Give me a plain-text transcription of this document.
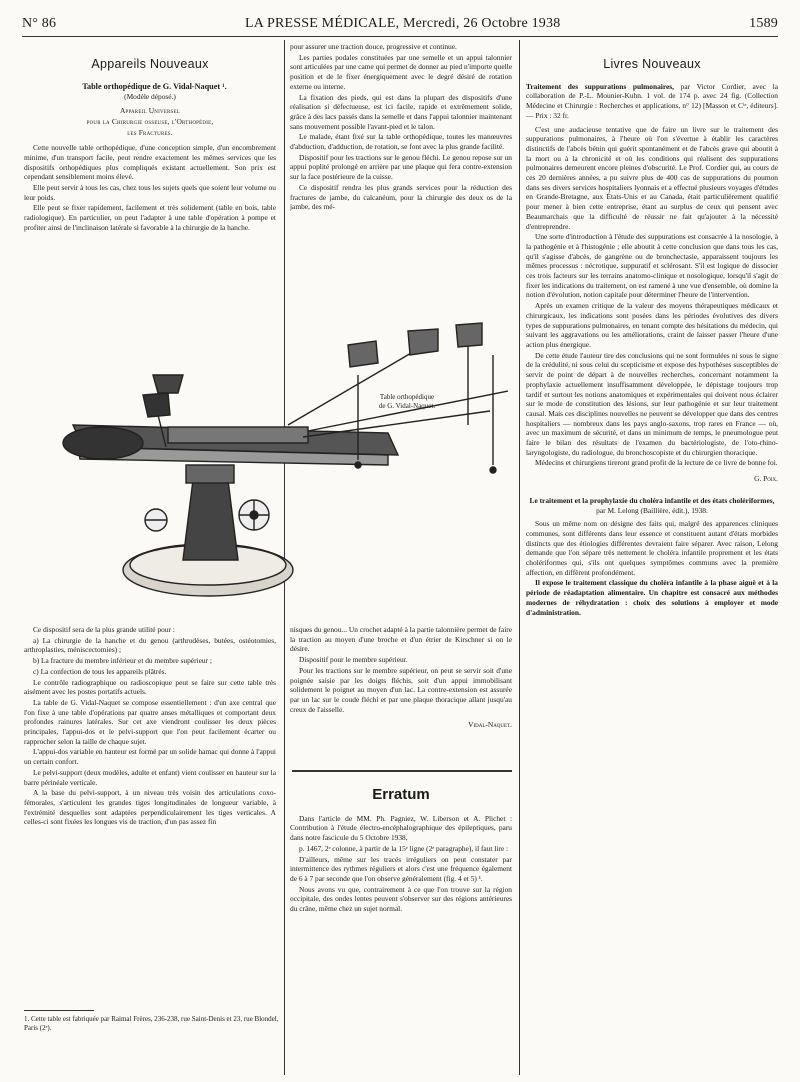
N° 86	LA PRESSE MÉDICALE, Mercredi, 26 Octobre 1938	1589
Appareils Nouveaux

Table orthopédique de G. Vidal-Naquet ¹.

(Modèle déposé.)

Appareil Universel

pour la Chirurgie osseuse, l'Orthopédie,

les Fractures.

Cette nouvelle table orthopédique, d'une conception simple, d'un encombrement minime, d'un transport facile, peut rendre exactement les mêmes services que les dispositifs orthopédiques plus compliqués existant actuellement. Son prix est cependant sensiblement moins élevé.

Elle peut servir à tous les cas, chez tous les sujets quels que soient leur volume ou leur poids.

Elle peut se fixer rapidement, facilement et très solidement (table en bois, table radiologique). En particulier, on peut l'adapter à une table d'opération à pompe et profiter ainsi de l'inclinaison latérale si favorable à la chirurgie de la hanche.

pour assurer une traction douce, progressive et continue.

Les parties podales constituées par une semelle et un appui talonnier sont articulées par une came qui permet de donner au pied n'importe quelle position et de le fixer énergiquement avec le degré désiré de rotation externe ou interne.

La fixation des pieds, qui est dans la plupart des dispositifs d'une réalisation si défectueuse, est ici facile, rapide et extrêmement solide, grâce à des lacs passés dans la semelle et dans l'appui talonnier maintenant sans mouvement possible l'avant-pied et le talon.

Le malade, étant fixé sur la table orthopédique, toutes les manœuvres d'abduction, d'adduction, de rotation, se font avec la plus grande facilité.

Dispositif pour les tractions sur le genou fléchi. Le genou repose sur un appui poplité prolongé en arrière par une plaque qui fera contre-extension sur la face postérieure de la cuisse.

Ce dispositif rendra les plus grands services pour la réduction des fractures de jambe, du calcanéum, pour la chirurgie des deux os de la jambe, des mé-

Table orthopédique
de G. Vidal-Naquet.

Ce dispositif sera de la plus grande utilité pour :

a) La chirurgie de la hanche et du genou (arthrodèses, butées, ostéotomies, arthroplasties, méniscectomies) ;

b) La fracture du membre inférieur et du membre supérieur ;

c) La confection de tous les appareils plâtrés.

Le contrôle radiographique ou radioscopique peut se faire sur cette table très aisément avec les postes portatifs actuels.

La table de G. Vidal-Naquet se compose essentiellement : d'un axe central que l'on fixe à une table d'opérations par quatre anses métalliques et comportant deux profondes rainures latérales. Sur cet axe viendront coulisser les deux pièces principales, l'appui-dos et le pelvi-support que l'on peut facilement écarter ou rapprocher selon la taille de chaque sujet.

L'appui-dos variable en hauteur est formé par un solide hamac qui donne à l'appui un certain confort.

Le pelvi-support (deux modèles, adulte et enfant) vient coulisser en hauteur sur la barre périnéale verticale.

A la base du pelvi-support, à un niveau très voisin des articulations coxo-fémorales, s'articulent les grandes tiges longitudinales de longueur variable, à l'extrémité desquelles sont adaptées perpendiculairement les tiges verticales. A celles-ci sont fixées les longues vis de traction, d'un pas assez fin

1. Cette table est fabriquée par Raimal Frères, 236-238, rue Saint-Denis et 23, rue Blondel, Paris (2ᵉ).

nisques du genou... Un crochet adapté à la partie talonnière permet de faire la traction au moyen d'une broche et d'un étrier de Kirschner si on le désire.

Dispositif pour le membre supérieur.

Pour les tractions sur le membre supérieur, on peut se servir soit d'une poignée saisie par les doigts fléchis, soit d'un appui immobilisant solidement le poignet au moyen d'un lac. La contre-extension est assurée par un lac sur le coude fléchi et par une plaque thoracique allant jusqu'au creux de l'aisselle.

Vidal-Naquet.

Erratum

Dans l'article de MM. Ph. Pagniez, W. Liberson et A. Plichet : Contribution à l'étude électro-encéphalographique des épileptiques, paru dans notre fascicule du 5 Octobre 1938,

p. 1467, 2ᵉ colonne, à partir de la 15ᵉ ligne (2ᵉ paragraphe), il faut lire :

D'ailleurs, même sur les tracés irréguliers on peut constater par intermittence des rythmes réguliers et alors c'est une fréquence également de 6 à 7 par seconde que l'on observe généralement (fig. 4 et 5) ¹.

Nous avons vu que, contrairement à ce que l'on trouve sur la région occipitale, des ondes lentes peuvent s'observer sur des régions antérieures du crâne, même chez un sujet normal.

Livres Nouveaux

Traitement des suppurations pulmonaires, par Victor Cordier, avec la collaboration de P.-L. Mounier-Kuhn. 1 vol. de 174 p. avec 24 fig. (Collection Médecine et Chirurgie : Recherches et applications, n° 12) [Masson et Cⁱᵉ, éditeurs]. — Prix : 32 fr.

C'est une audacieuse tentative que de faire un livre sur le traitement des suppurations pulmonaires, à l'heure où l'on s'évertue à établir les caractères distinctifs de l'abcès bénin qui guérit spontanément et de l'abcès grave qui aboutit à la mort ou à la chronicité et où les conditions qui réalisent des suppurations pulmonaires demeurent encore pleines d'obscurité. Le Prof. Cordier qui, au cours de ces 20 dernières années, a pu suivre plus de 400 cas de suppurations du poumon dans ses divers services hospitaliers lyonnais et a effectué plusieurs voyages d'études en Grande-Bretagne, aux États-Unis et au Canada, était particulièrement qualifié pour mener à bien cette entreprise, étant au surplus de ceux qui pensent avec Beaumarchais que la difficulté de réussir ne fait qu'ajouter à la nécessité d'entreprendre.

Une sorte d'introduction à l'étude des suppurations est consacrée à la nosologie, à la pathogénie et à l'histogénie ; elle aboutit à cette conclusion que dans tous les cas, qu'il s'agisse d'abcès, de gangrène ou de bronchectasie, apparaissent toujours les mêmes processus : nécrotique, suppuratif et sclérosant. S'il est logique de dissocier ces trois facteurs sur les terrains anatomo-clinique et nosologique, lorsqu'il s'agit de fixer les indications du traitement, on est ramené à une vue d'ensemble, où domine la notion d'évolution, notion capitale pour déterminer l'heure de l'intervention.

Après un examen critique de la valeur des moyens thérapeutiques médicaux et chirurgicaux, les indications sont posées dans les périodes évolutives des divers types de suppurations pulmonaires, en tenant compte des hésitations du médecin, qui suivant les aggravations ou les améliorations, craint de laisser passer l'heure d'une action plus énergique.

De cette étude l'auteur tire des conclusions qui ne sont formulées ni sous le signe de la crédulité, ni sous celui du scepticisme et expose des hypothèses susceptibles de servir de point de départ à de nouvelles recherches, concernant notamment la prophylaxie actuellement insuffisamment développée, le dépistage toujours trop tardif et surtout les notions anatomiques et expérimentales qui doivent nous éclairer sur le mode de constitution des lésions, sur leur pathogénie et sur leur traitement causal. Mais ces disciplines nouvelles ne peuvent se développer que dans des centres hospitaliers — nombreux dans les pays anglo-saxons, trop rares en France — où, avec un maximum de sécurité, et dans un minimum de temps, le pneumologue peut faire le bilan des résultats de l'examen du bactériologiste, de l'oto-rhino-laryngologiste, du radiologue, du bronchoscopiste et du chirurgien thoracique.

Médecins et chirurgiens tireront grand profit de la lecture de ce livre de bonne foi.

G. Poix.

Le traitement et la prophylaxie du choléra infantile et des états cholériformes, par M. Lelong (Baillière, édit.), 1938.

Sous un même nom on désigne des faits qui, malgré des apparences cliniques communes, sont différents dans leur essence et constituent autant d'états morbides distincts que des étiologies différentes devraient faire séparer. Avec raison, Lelong demande que l'on sépare très nettement le choléra infantile proprement et les états cholériformes qui, s'ils ont quelques symptômes communs avec la première affection, en diffèrent profondément.

Il expose le traitement classique du choléra infantile à la phase aiguë et à la période de réadaptation alimentaire. Un chapitre est consacré aux méthodes modernes de réhydratation : choix des solutions à employer et mode d'administration.
